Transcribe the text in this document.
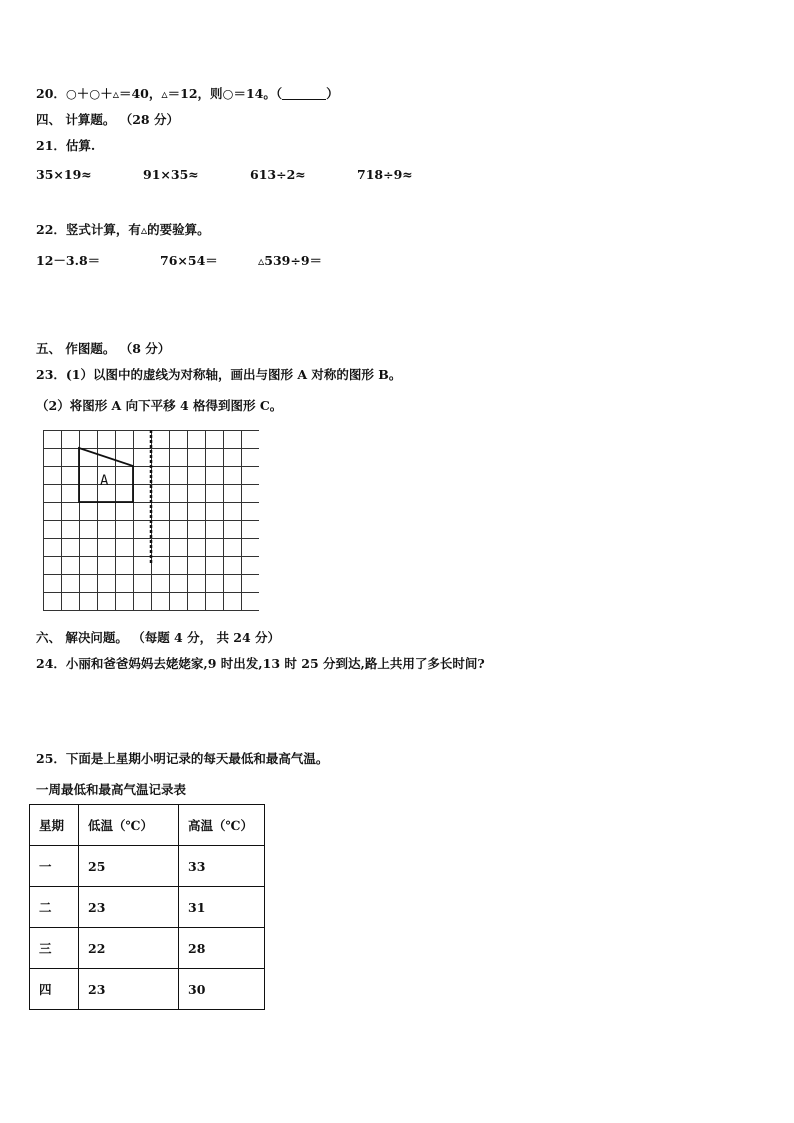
20．○＋○＋▵＝40，▵＝12，则○＝14。（	）
四、 计算题。 （28 分）
21．估算.
35×19≈	91×35≈	613÷2≈	718÷9≈
22．竖式计算，有▵的要验算。
12－3.8＝	76×54＝	▵539÷9＝
五、 作图题。 （8 分）
23．(1）以图中的虚线为对称轴，画出与图形 A 对称的图形 B。
（2）将图形 A 向下平移 4 格得到图形 C。
A
六、 解决问题。 （每题 4 分， 共 24 分）
24．小丽和爸爸妈妈去姥姥家,9 时出发,13 时 25 分到达,路上共用了多长时间?
25．下面是上星期小明记录的每天最低和最高气温。
一周最低和最高气温记录表
星期	低温（℃）	高温（℃）
一	25	33
二	23	31
三	22	28
四	23	30
